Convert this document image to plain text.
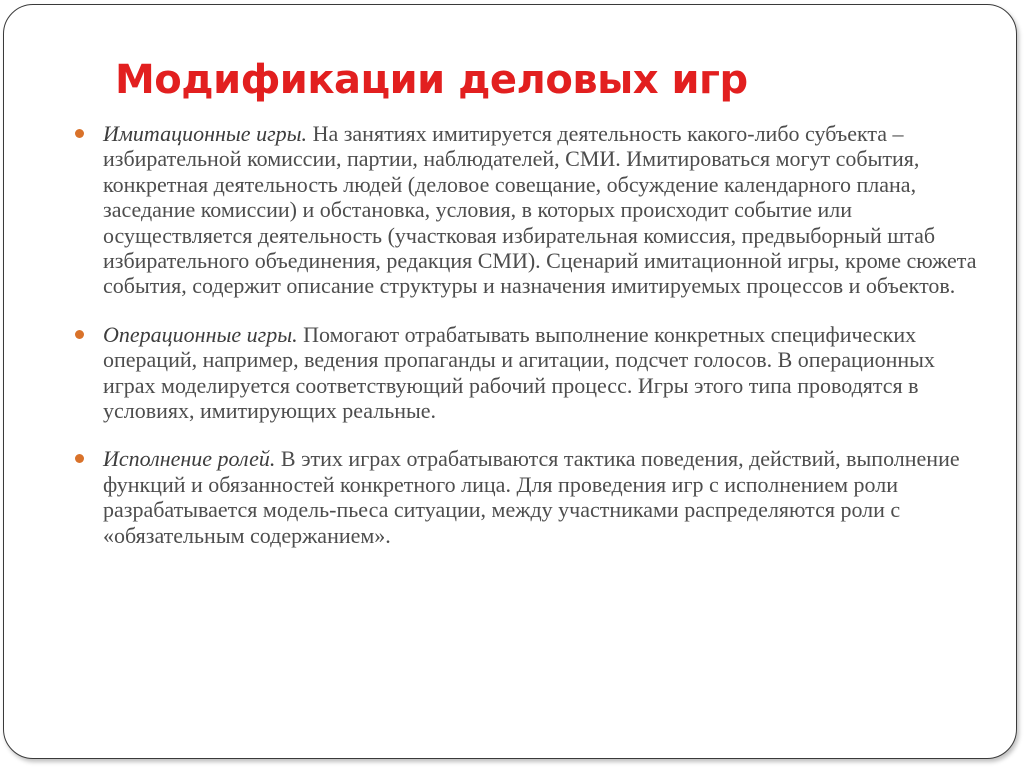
Модификации деловых игр
Имитационные игры. На занятиях имитируется деятельность какого-либо субъекта – избирательной комиссии, партии, наблюдателей, СМИ. Имитироваться могут события, конкретная деятельность людей (деловое совещание, обсуждение календарного плана, заседание комиссии) и обстановка, условия, в которых происходит событие или осуществляется деятельность (участковая избирательная комиссия, предвыборный штаб избирательного объединения, редакция СМИ). Сценарий имитационной игры, кроме сюжета события, содержит описание структуры и назначения имитируемых процессов и объектов.
Операционные игры. Помогают отрабатывать выполнение конкретных специфических операций, например, ведения пропаганды и агитации, подсчет голосов. В операционных играх моделируется соответствующий рабочий процесс. Игры этого типа проводятся в условиях, имитирующих реальные.
Исполнение ролей. В этих играх отрабатываются тактика поведения, действий, выполнение функций и обязанностей конкретного лица. Для проведения игр с исполнением роли разрабатывается модель-пьеса ситуации, между участниками распределяются роли с «обязательным содержанием».
